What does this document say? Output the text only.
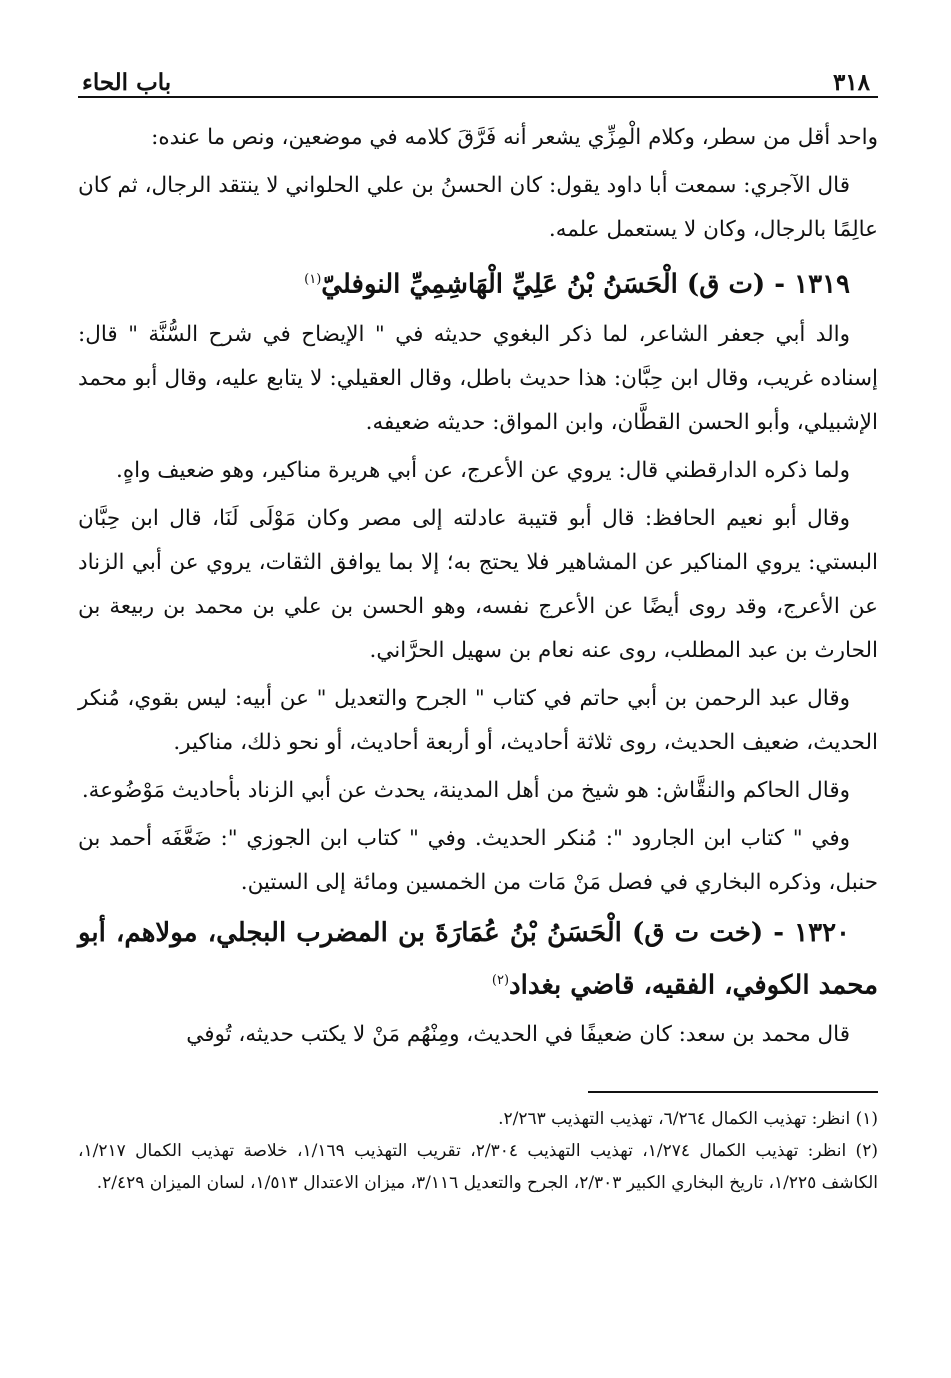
٣١٨
باب الحاء

واحد أقل من سطر، وكلام الْمِزِّي يشعر أنه فَرَّقَ كلامه في موضعين، ونص ما عنده:

قال الآجري: سمعت أبا داود يقول: كان الحسنُ بن علي الحلواني لا ينتقد الرجال، ثم كان عالِمًا بالرجال، وكان لا يستعمل علمه.

١٣١٩ - (ت ق) الْحَسَنُ بْنُ عَلِيِّ الْهَاشِمِيِّ النوفليّ$^{(١)}$

والد أبي جعفر الشاعر، لما ذكر البغوي حديثه في " الإيضاح في شرح السُّنَّة " قال: إسناده غريب، وقال ابن حِبَّان: هذا حديث باطل، وقال العقيلي: لا يتابع عليه، وقال أبو محمد الإشبيلي، وأبو الحسن القطَّان، وابن المواق: حديثه ضعيفه.

ولما ذكره الدارقطني قال: يروي عن الأعرج، عن أبي هريرة مناكير، وهو ضعيف واهٍ.

وقال أبو نعيم الحافظ: قال أبو قتيبة عادلته إلى مصر وكان مَوْلَى لَنَا، قال ابن حِبَّان البستي: يروي المناكير عن المشاهير فلا يحتج به؛ إلا بما يوافق الثقات، يروي عن أبي الزناد عن الأعرج، وقد روى أيضًا عن الأعرج نفسه، وهو الحسن بن علي بن محمد بن ربيعة بن الحارث بن عبد المطلب، روى عنه نعام بن سهيل الحرَّاني.

وقال عبد الرحمن بن أبي حاتم في كتاب " الجرح والتعديل " عن أبيه: ليس بقوي، مُنكر الحديث، ضعيف الحديث، روى ثلاثة أحاديث، أو أربعة أحاديث، أو نحو ذلك، مناكير.

وقال الحاكم والنقَّاش: هو شيخ من أهل المدينة، يحدث عن أبي الزناد بأحاديث مَوْضُوعة.

وفي " كتاب ابن الجارود ": مُنكر الحديث. وفي " كتاب ابن الجوزي ": ضَعَّفَه أحمد بن حنبل، وذكره البخاري في فصل مَنْ مَات من الخمسين ومائة إلى الستين.

١٣٢٠ - (خت ت ق) الْحَسَنُ بْنُ عُمَارَةَ بن المضرب البجلي، مولاهم، أبو محمد الكوفي، الفقيه، قاضي بغداد$^{(٢)}$

قال محمد بن سعد: كان ضعيفًا في الحديث، ومِنْهُم مَنْ لا يكتب حديثه، تُوفي

(١) انظر: تهذيب الكمال ٦/٢٦٤، تهذيب التهذيب ٢/٢٦٣.

(٢) انظر: تهذيب الكمال ١/٢٧٤، تهذيب التهذيب ٢/٣٠٤، تقريب التهذيب ١/١٦٩، خلاصة تهذيب الكمال ١/٢١٧، الكاشف ١/٢٢٥، تاريخ البخاري الكبير ٢/٣٠٣، الجرح والتعديل ٣/١١٦، ميزان الاعتدال ١/٥١٣، لسان الميزان ٢/٤٢٩.
